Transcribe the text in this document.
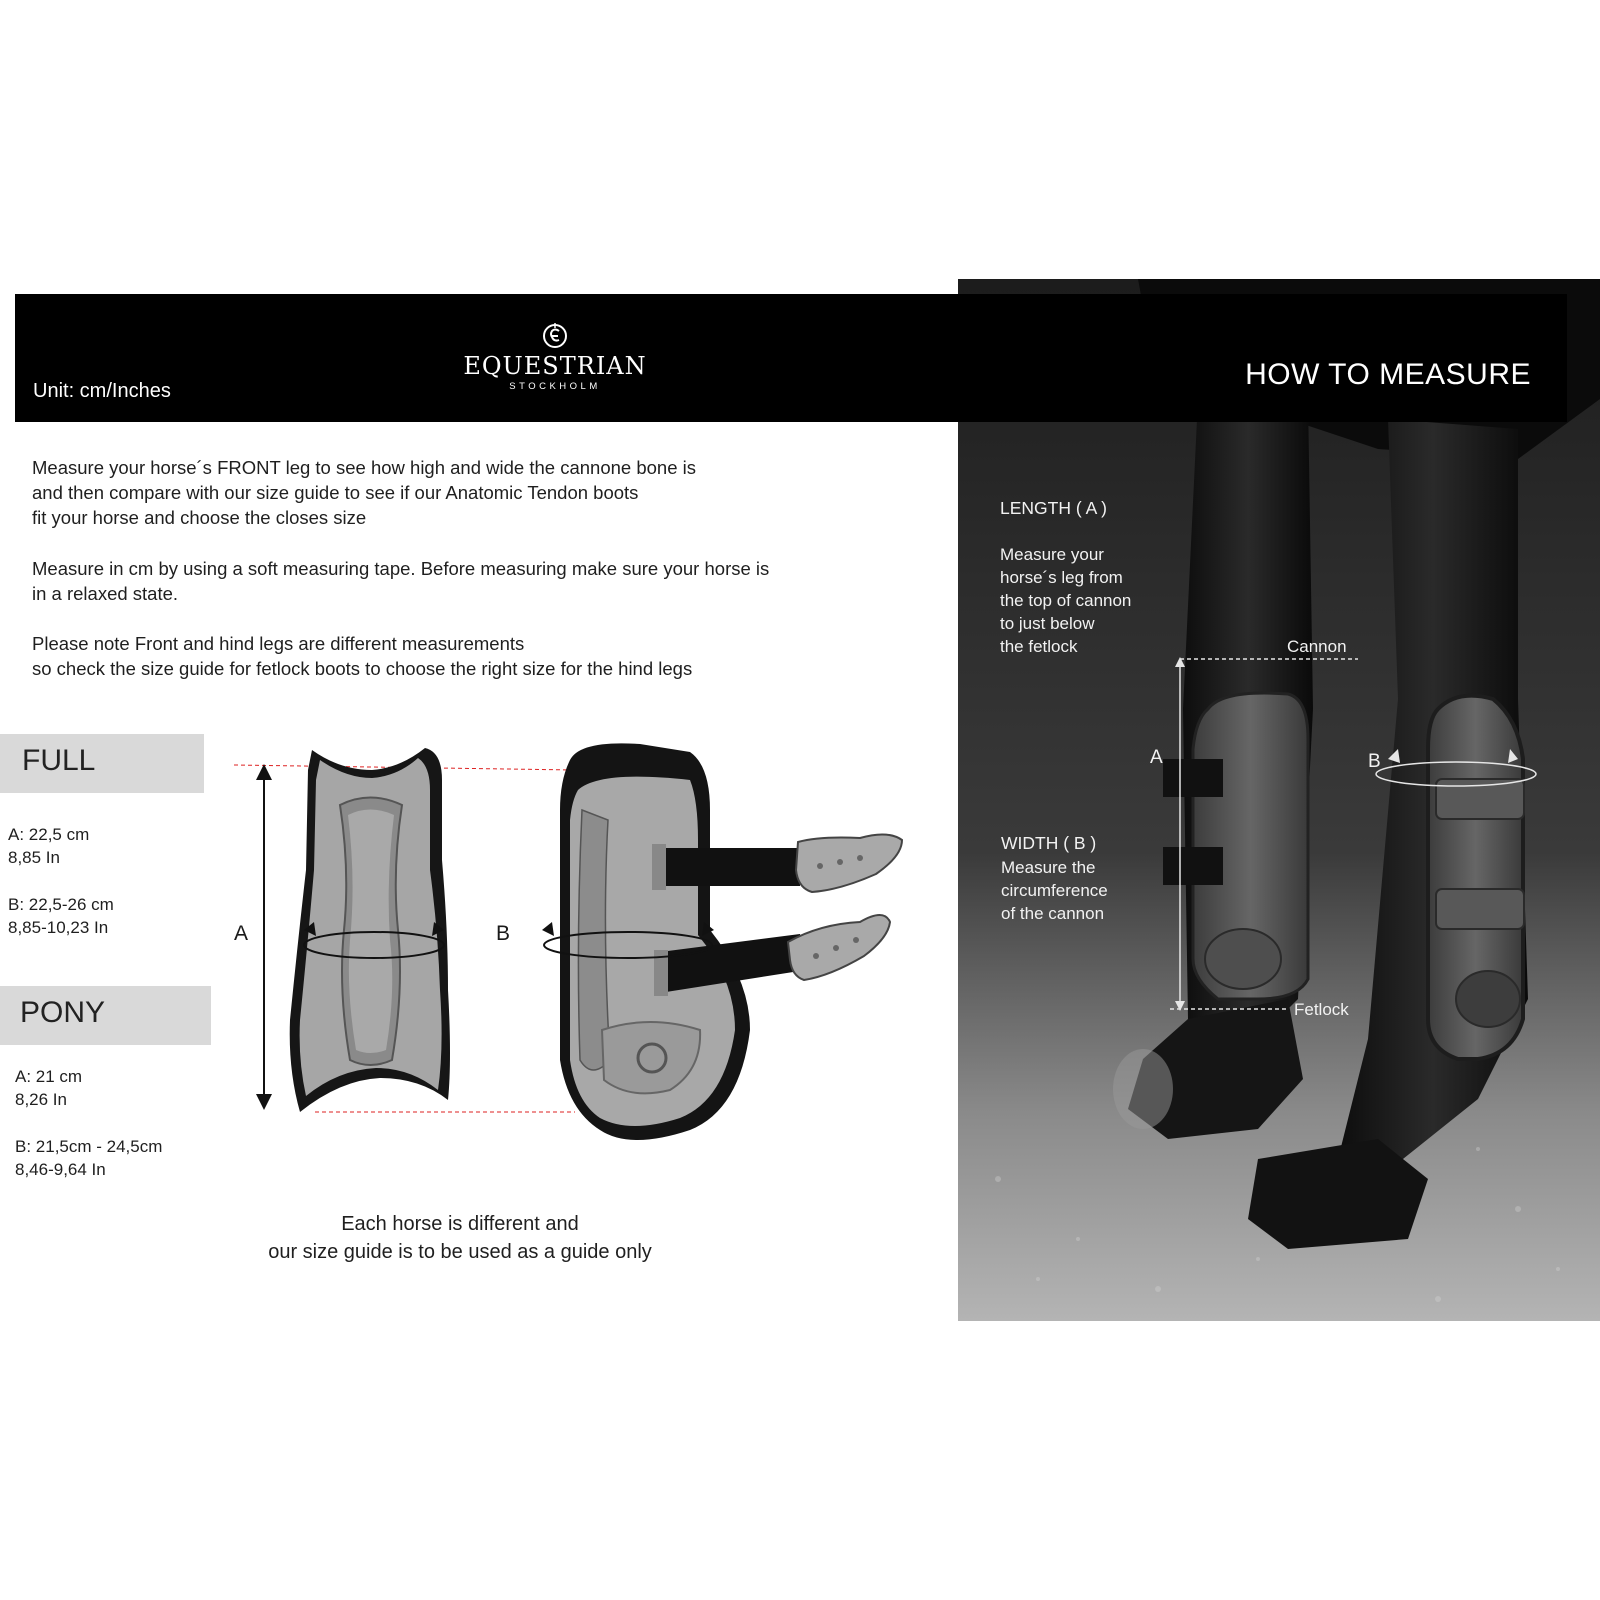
LENGTH ( A )
Measure your
horse´s leg from
the top of cannon
to just below
the fetlock	Cannon
A	B
WIDTH ( B )
Measure the
circumference
of the cannon
Fetlock
Unit: cm/Inches
EQUESTRIAN
STOCKHOLM	HOW TO MEASURE
Measure your horse´s FRONT leg to see how high and wide the cannone bone is
and then compare with our size guide to see if our Anatomic Tendon boots
fit your horse and choose the closes size
Measure in cm by using a soft measuring tape. Before measuring make sure your horse is
in a relaxed state.
Please note Front and hind legs are different measurements
so check the size guide for fetlock boots to choose the right size for the hind legs
FULL
A: 22,5 cm
8,85 In
B: 22,5-26 cm
8,85-10,23 In
PONY
A: 21 cm
8,26 In
B: 21,5cm - 24,5cm
8,46-9,64 In
A	B
Each horse is different and
our size guide is to be used as a guide only
